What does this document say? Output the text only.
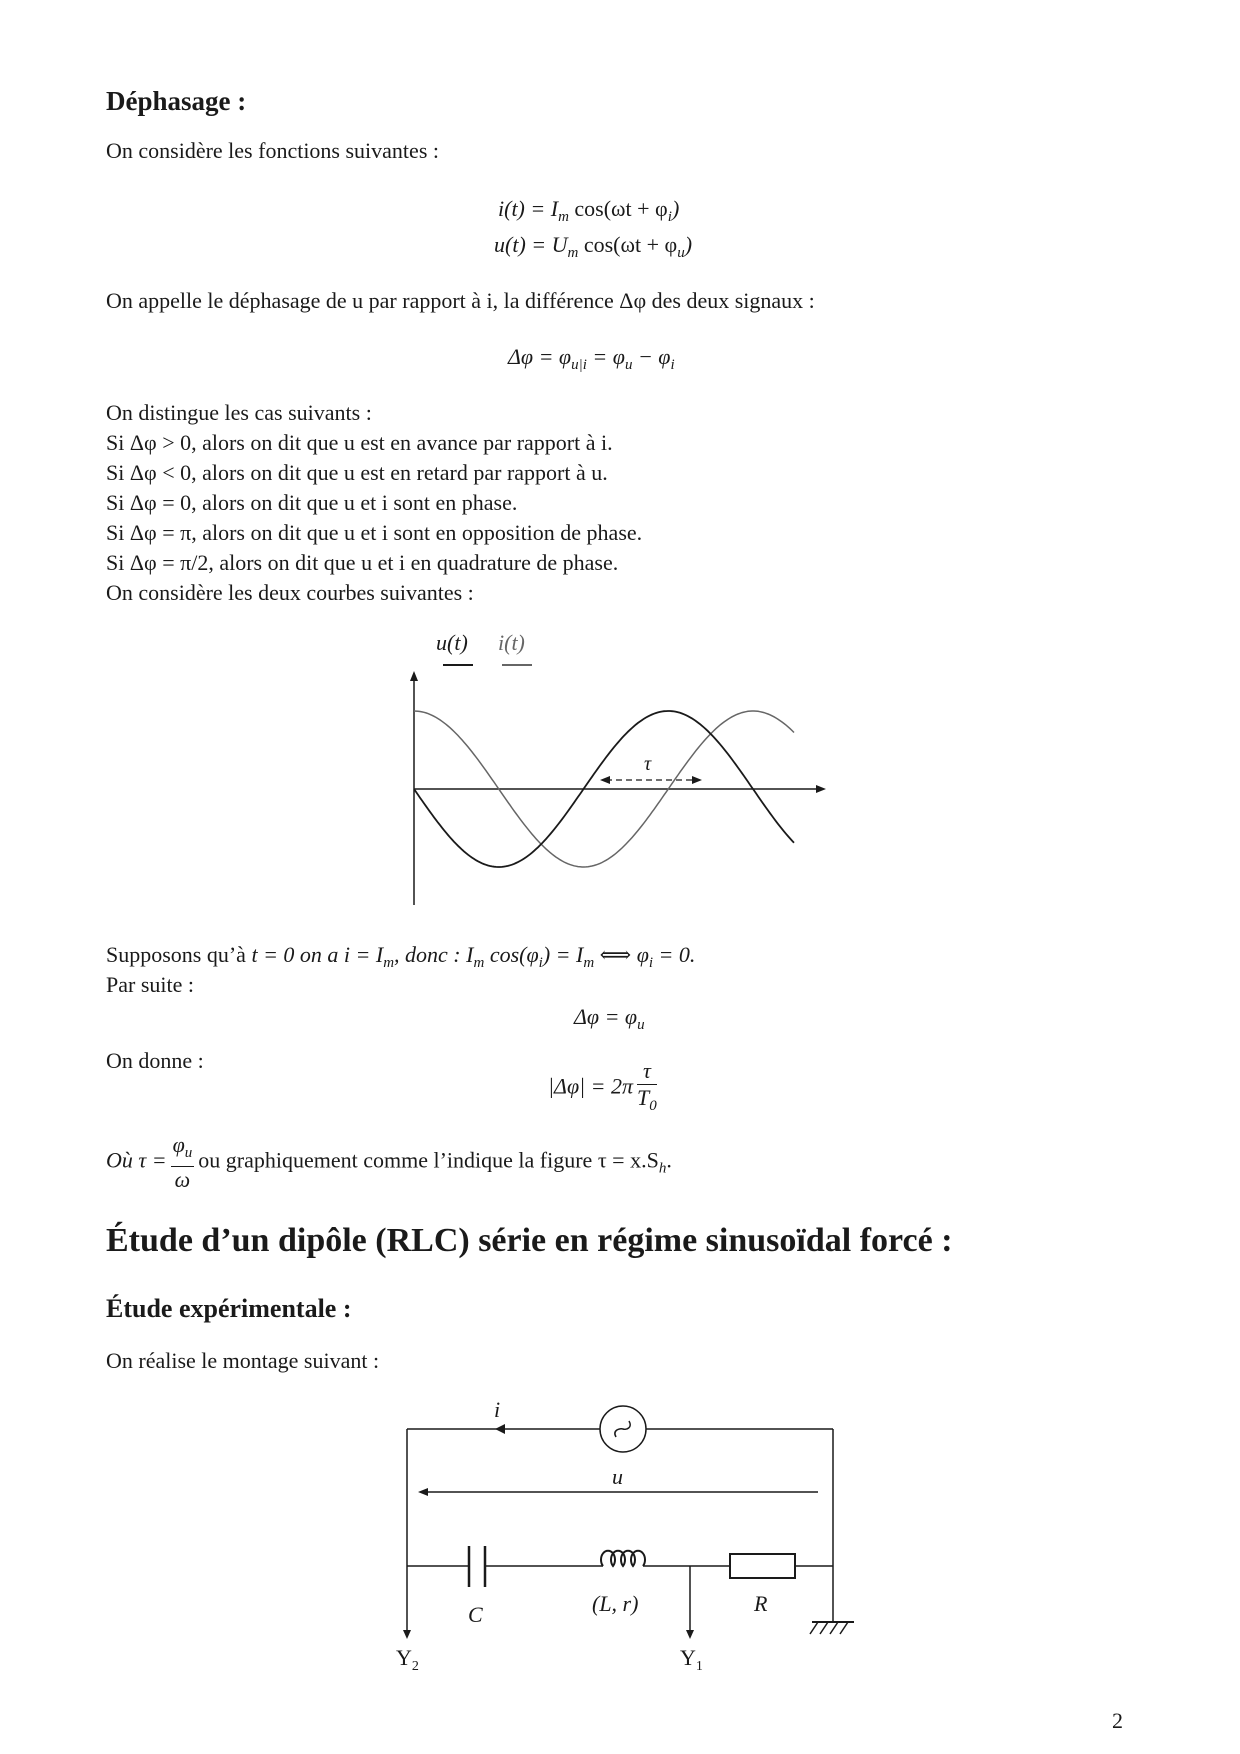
Déphasage :
On considère les fonctions suivantes :
$i(t) = I_m$ $\cos(\omega t + \varphi_i)$
$u(t) = U_m$ $\cos(\omega t + \varphi_u)$
On appelle le déphasage de u par rapport à i, la différence Δφ des deux signaux :
$\Delta\varphi = \varphi_{u|i} = \varphi_u - \varphi_i$
On distingue les cas suivants :
Si Δφ > 0, alors on dit que u est en avance par rapport à i.
Si Δφ < 0, alors on dit que u est en retard par rapport à u.
Si Δφ = 0, alors on dit que u et i sont en phase.
Si Δφ = π, alors on dit que u et i sont en opposition de phase.
Si Δφ = π/2, alors on dit que u et i en quadrature de phase.
On considère les deux courbes suivantes :
u(t) i(t)
τ
Supposons qu’à t = 0 on a $i = I_m$, donc : $I_m$ $\cos(\varphi_i) = I_m$ ⟺ $\varphi_i = 0$.
Par suite :
$\Delta\varphi = \varphi_u$
On donne :
$|\Delta\varphi| = 2\pi \frac{\tau}{T_0}$
Où $\tau = \frac{\varphi_u}{\omega}$ ou graphiquement comme l’indique la figure $\tau = x.S_h$.
Étude d’un dipôle (RLC) série en régime sinusoïdal forcé :
Étude expérimentale :
On réalise le montage suivant :
i
u
C	(L, r)	R
$Y_2$	$Y_1$
2
